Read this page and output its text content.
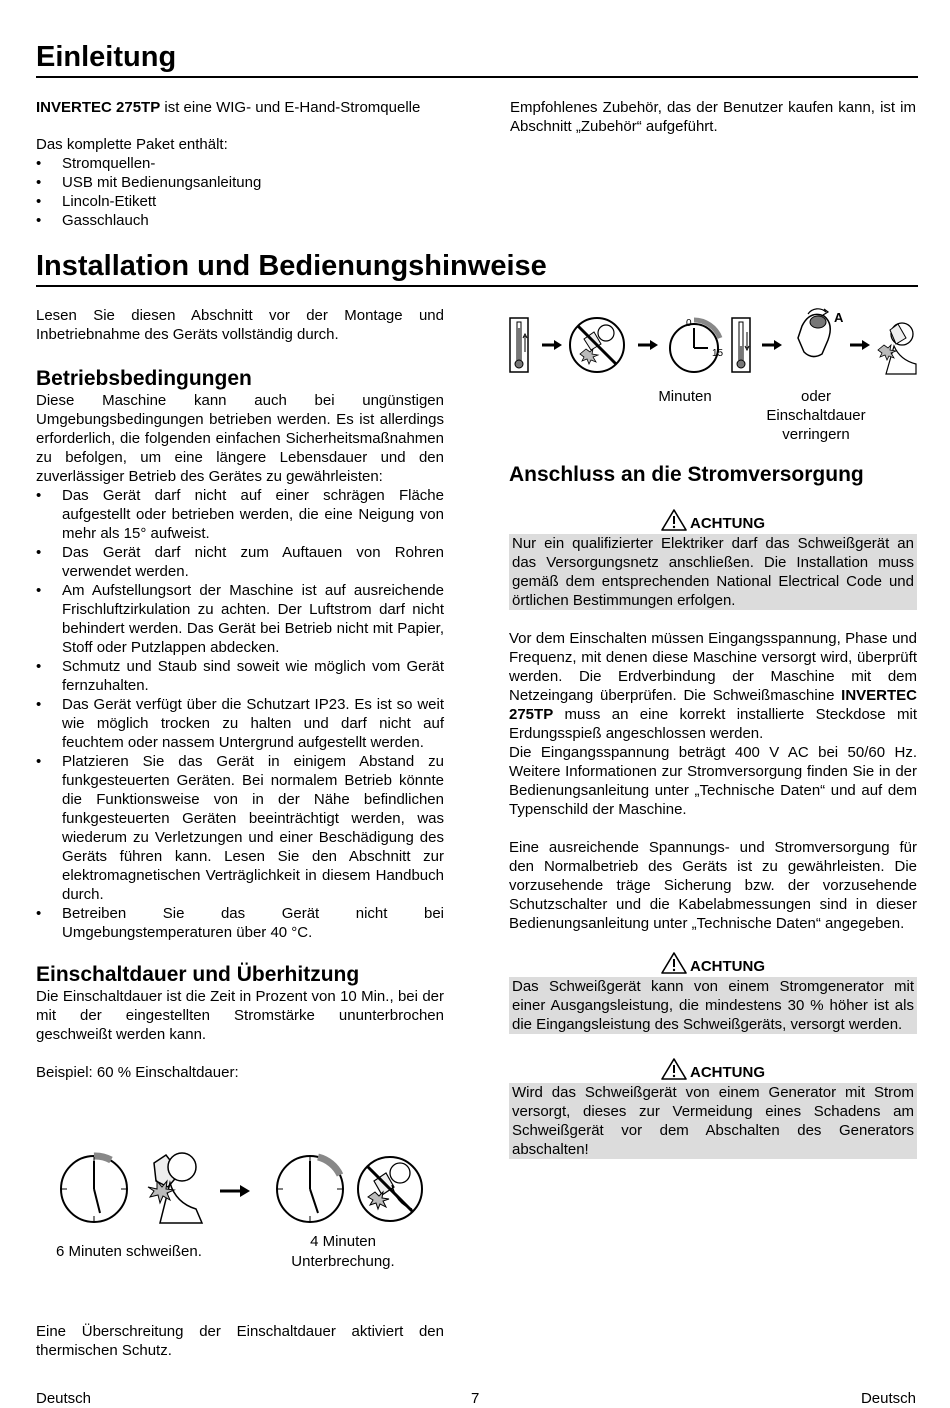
Einleitung

INVERTEC 275TP ist eine WIG- und E-Hand-Stromquelle

Das komplette Paket enthält:

• Stromquellen-
• USB mit Bedienungsanleitung
• Lincoln-Etikett
• Gasschlauch

Empfohlenes Zubehör, das der Benutzer kaufen kann, ist im Abschnitt „Zubehör“ aufgeführt.

Installation und Bedienungshinweise

Lesen Sie diesen Abschnitt vor der Montage und Inbetriebnahme des Geräts vollständig durch.

Betriebsbedingungen

Diese Maschine kann auch bei ungünstigen Umgebungsbedingungen betrieben werden. Es ist allerdings erforderlich, die folgenden einfachen Sicherheitsmaßnahmen zu befolgen, um eine längere Lebensdauer und den zuverlässiger Betrieb des Gerätes zu gewährleisten:

• Das Gerät darf nicht auf einer schrägen Fläche aufgestellt oder betrieben werden, die eine Neigung von mehr als 15° aufweist.
• Das Gerät darf nicht zum Auftauen von Rohren verwendet werden.
• Am Aufstellungsort der Maschine ist auf ausreichende Frischluftzirkulation zu achten. Der Luftstrom darf nicht behindert werden. Das Gerät bei Betrieb nicht mit Papier, Stoff oder Putzlappen abdecken.
• Schmutz und Staub sind soweit wie möglich vom Gerät fernzuhalten.
• Das Gerät verfügt über die Schutzart IP23. Es ist so weit wie möglich trocken zu halten und darf nicht auf feuchtem oder nassem Untergrund aufgestellt werden.
• Platzieren Sie das Gerät in einigem Abstand zu funkgesteuerten Geräten. Bei normalem Betrieb könnte die Funktionsweise von in der Nähe befindlichen funkgesteuerten Geräten beeinträchtigt werden, was wiederum zu Verletzungen und einer Beschädigung des Geräts führen kann. Lesen Sie den Abschnitt zur elektromagnetischen Verträglichkeit in diesem Handbuch durch.
• Betreiben Sie das Gerät nicht bei Umgebungstemperaturen über 40 °C.
Einschaltdauer und Überhitzung

Die Einschaltdauer ist die Zeit in Prozent von 10 Min., bei der mit der eingestellten Stromstärke ununterbrochen geschweißt werden kann.

Beispiel: 60 % Einschaltdauer:

6 Minuten schweißen.

4 Minuten

Unterbrechung.

Eine Überschreitung der Einschaltdauer aktiviert den thermischen Schutz.

0
15
A

Minuten	oder

Einschaltdauer

verringern

Anschluss an die Stromversorgung
ACHTUNG

Nur ein qualifizierter Elektriker darf das Schweißgerät an das Versorgungsnetz anschließen. Die Installation muss gemäß dem entsprechenden National Electrical Code und örtlichen Bestimmungen erfolgen.

Vor dem Einschalten müssen Eingangsspannung, Phase und Frequenz, mit denen diese Maschine versorgt wird, überprüft werden. Die Erdverbindung der Maschine mit dem Netzeingang überprüfen. Die Schweißmaschine INVERTEC 275TP muss an eine korrekt installierte Steckdose mit Erdungsspieß angeschlossen werden.

Die Eingangsspannung beträgt 400 V AC bei 50/60 Hz. Weitere Informationen zur Stromversorgung finden Sie in der Bedienungsanleitung unter „Technische Daten“ und auf dem Typenschild der Maschine.

Eine ausreichende Spannungs- und Stromversorgung für den Normalbetrieb des Geräts ist zu gewährleisten. Die vorzusehende träge Sicherung bzw. der vorzusehende Schutzschalter und die Kabelabmessungen sind in dieser Bedienungsanleitung unter „Technische Daten“ angegeben.

ACHTUNG

Das Schweißgerät kann von einem Stromgenerator mit einer Ausgangsleistung, die mindestens 30 % höher ist als die Eingangsleistung des Schweißgeräts, versorgt werden.

ACHTUNG

Wird das Schweißgerät von einem Generator mit Strom versorgt, dieses zur Vermeidung eines Schadens am Schweißgerät vor dem Abschalten des Generators abschalten!

Deutsch	7	Deutsch
